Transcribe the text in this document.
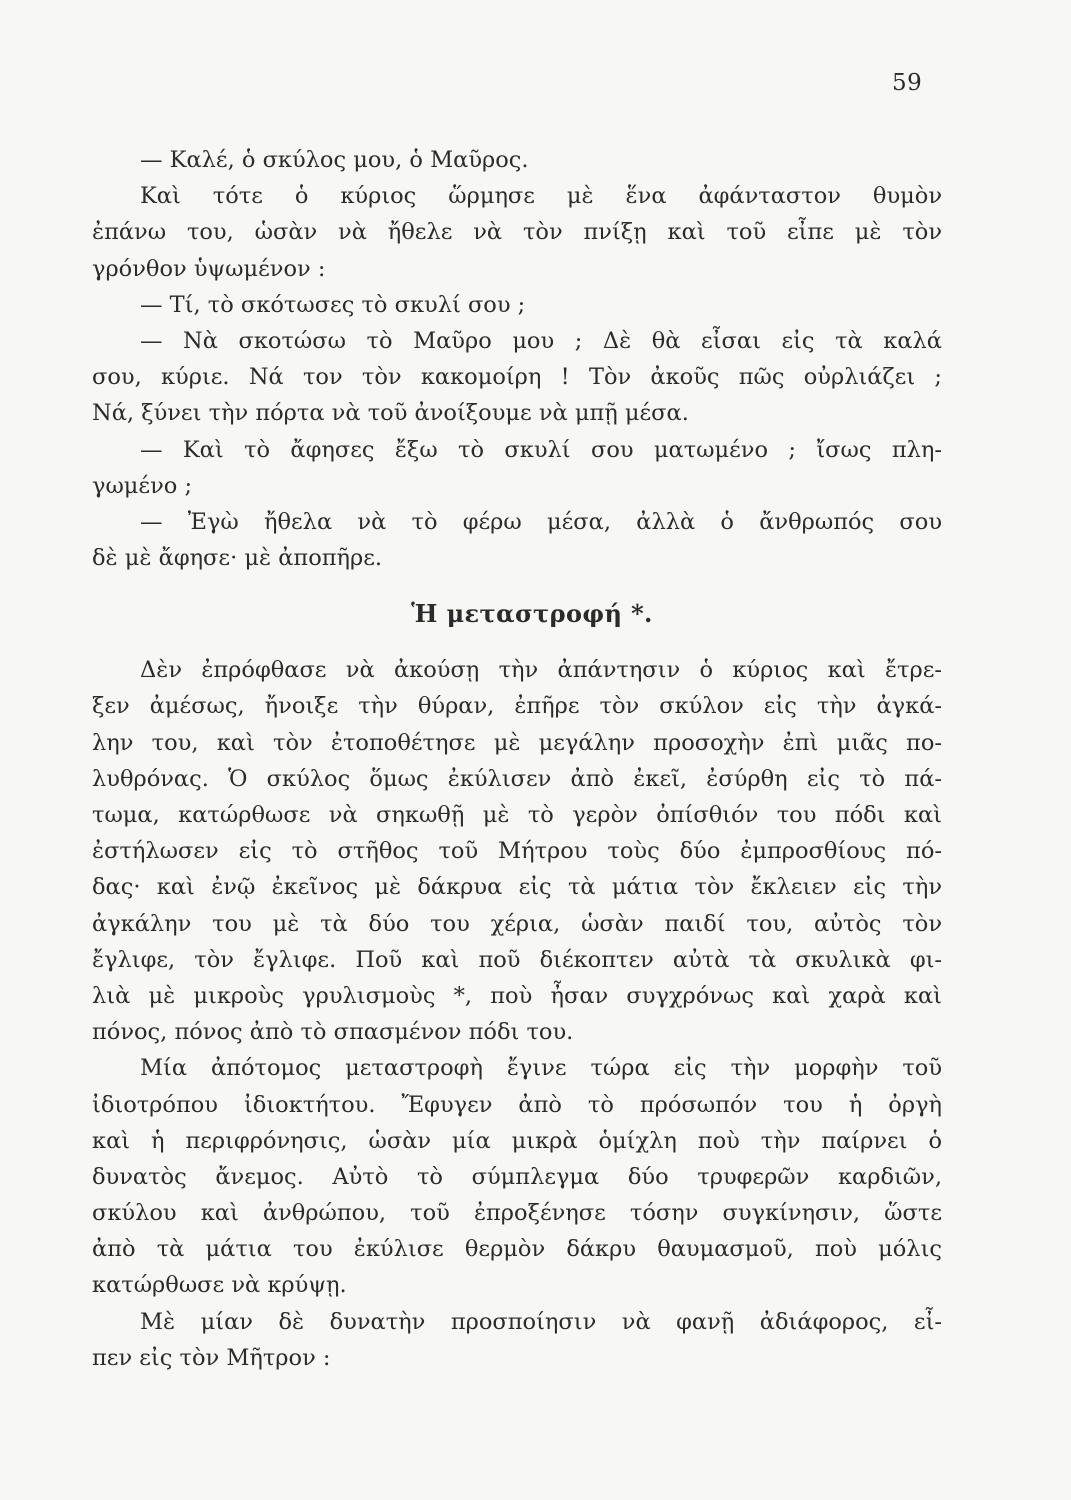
59
— Καλέ, ὁ σκύλος μου, ὁ Μαῦρος.
Καὶ τότε ὁ κύριος ὥρμησε μὲ ἕνα ἀφάνταστον θυμὸν
ἐπάνω του, ὡσὰν νὰ ἤθελε νὰ τὸν πνίξῃ καὶ τοῦ εἶπε μὲ τὸν
γρόνθον ὑψωμένον :
— Τί, τὸ σκότωσες τὸ σκυλί σου ;
— Νὰ σκοτώσω τὸ Μαῦρο μου ; Δὲ θὰ εἶσαι εἰς τὰ καλά
σου, κύριε. Νά τον τὸν κακομοίρη ! Τὸν ἀκοῦς πῶς οὐρλιάζει ;
Νά, ξύνει τὴν πόρτα νὰ τοῦ ἀνοίξουμε νὰ μπῇ μέσα.
— Καὶ τὸ ἄφησες ἔξω τὸ σκυλί σου ματωμένο ; ἴσως πλη-
γωμένο ;
— Ἐγὼ ἤθελα νὰ τὸ φέρω μέσα, ἀλλὰ ὁ ἄνθρωπός σου
δὲ μὲ ἄφησε· μὲ ἀποπῆρε.
Ἡ μεταστροφή *.
Δὲν ἐπρόφθασε νὰ ἀκούσῃ τὴν ἀπάντησιν ὁ κύριος καὶ ἔτρε-
ξεν ἀμέσως, ἤνοιξε τὴν θύραν, ἐπῆρε τὸν σκύλον εἰς τὴν ἀγκά-
λην του, καὶ τὸν ἐτοποθέτησε μὲ μεγάλην προσοχὴν ἐπὶ μιᾶς πο-
λυθρόνας. Ὁ σκύλος ὅμως ἐκύλισεν ἀπὸ ἐκεῖ, ἐσύρθη εἰς τὸ πά-
τωμα, κατώρθωσε νὰ σηκωθῇ μὲ τὸ γερὸν ὀπίσθιόν του πόδι καὶ
ἐστήλωσεν εἰς τὸ στῆθος τοῦ Μήτρου τοὺς δύο ἐμπροσθίους πό-
δας· καὶ ἐνῷ ἐκεῖνος μὲ δάκρυα εἰς τὰ μάτια τὸν ἔκλειεν εἰς τὴν
ἀγκάλην του μὲ τὰ δύο του χέρια, ὡσὰν παιδί του, αὐτὸς τὸν
ἔγλιφε, τὸν ἔγλιφε. Ποῦ καὶ ποῦ διέκοπτεν αὐτὰ τὰ σκυλικὰ φι-
λιὰ μὲ μικροὺς γρυλισμοὺς *, ποὺ ἦσαν συγχρόνως καὶ χαρὰ καὶ
πόνος, πόνος ἀπὸ τὸ σπασμένον πόδι του.
Μία ἀπότομος μεταστροφὴ ἔγινε τώρα εἰς τὴν μορφὴν τοῦ
ἰδιοτρόπου ἰδιοκτήτου. Ἔφυγεν ἀπὸ τὸ πρόσωπόν του ἡ ὀργὴ
καὶ ἡ περιφρόνησις, ὡσὰν μία μικρὰ ὁμίχλη ποὺ τὴν παίρνει ὁ
δυνατὸς ἄνεμος. Αὐτὸ τὸ σύμπλεγμα δύο τρυφερῶν καρδιῶν,
σκύλου καὶ ἀνθρώπου, τοῦ ἐπροξένησε τόσην συγκίνησιν, ὥστε
ἀπὸ τὰ μάτια του ἐκύλισε θερμὸν δάκρυ θαυμασμοῦ, ποὺ μόλις
κατώρθωσε νὰ κρύψῃ.
Μὲ μίαν δὲ δυνατὴν προσποίησιν νὰ φανῇ ἀδιάφορος, εἶ-
πεν εἰς τὸν Μῆτρον :
